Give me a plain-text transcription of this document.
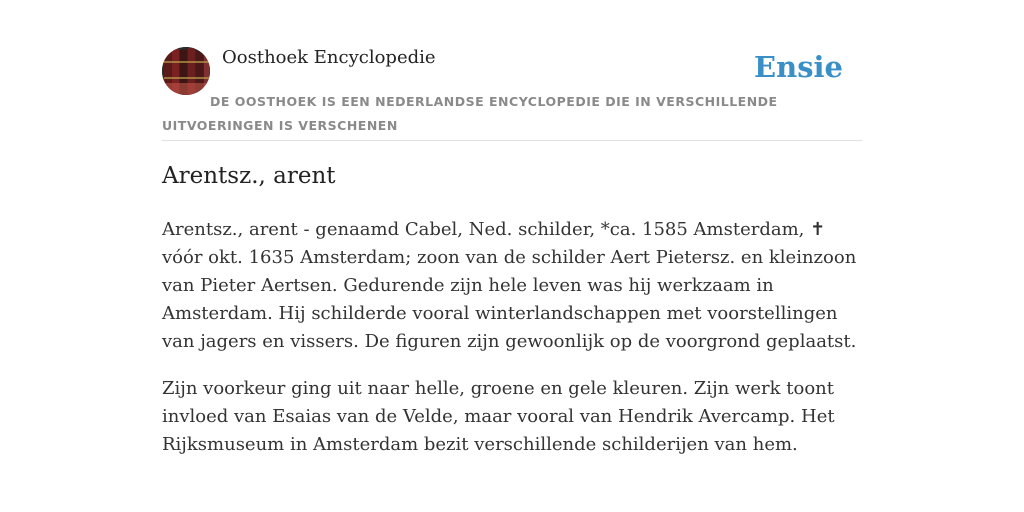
Oosthoek Encyclopedie	Ensie
DE OOSTHOEK IS EEN NEDERLANDSE ENCYCLOPEDIE DIE IN VERSCHILLENDE UITVOERINGEN IS VERSCHENEN
Arentsz., arent

Arentsz., arent - genaamd Cabel, Ned. schilder, *ca. 1585 Amsterdam, ✝ vóór okt. 1635 Amsterdam; zoon van de schilder Aert Pietersz. en kleinzoon van Pieter Aertsen. Gedurende zijn hele leven was hij werkzaam in Amsterdam. Hij schilderde vooral winterlandschappen met voorstellingen van jagers en vissers. De figuren zijn gewoonlijk op de voorgrond geplaatst.

Zijn voorkeur ging uit naar helle, groene en gele kleuren. Zijn werk toont invloed van Esaias van de Velde, maar vooral van Hendrik Avercamp. Het Rijksmuseum in Amsterdam bezit verschillende schilderijen van hem.
